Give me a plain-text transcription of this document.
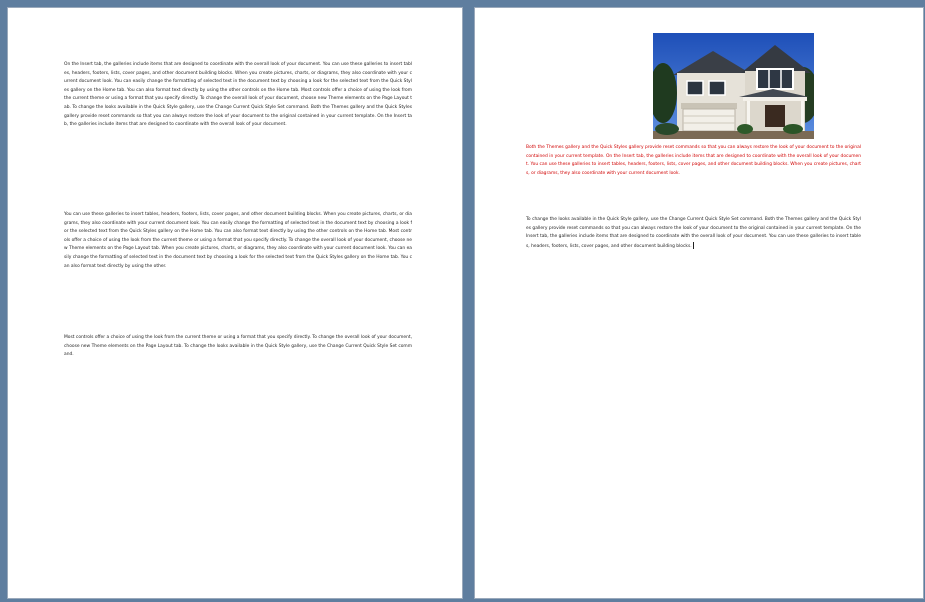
On the Insert tab, the galleries include items that are designed to coordinate with the overall look of your document. You can use these galleries to insert tables, headers, footers, lists, cover pages, and other document building blocks. When you create pictures, charts, or diagrams, they also coordinate with your current document look. You can easily change the formatting of selected text in the document text by choosing a look for the selected text from the Quick Styles gallery on the Home tab. You can also format text directly by using the other controls on the Home tab. Most controls offer a choice of using the look from the current theme or using a format that you specify directly. To change the overall look of your document, choose new Theme elements on the Page Layout tab. To change the looks available in the Quick Style gallery, use the Change Current Quick Style Set command. Both the Themes gallery and the Quick Styles gallery provide reset commands so that you can always restore the look of your document to the original contained in your current template. On the Insert tab, the galleries include items that are designed to coordinate with the overall look of your document.
You can use these galleries to insert tables, headers, footers, lists, cover pages, and other document building blocks. When you create pictures, charts, or diagrams, they also coordinate with your current document look. You can easily change the formatting of selected text in the document text by choosing a look for the selected text from the Quick Styles gallery on the Home tab. You can also format text directly by using the other controls on the Home tab. Most controls offer a choice of using the look from the current theme or using a format that you specify directly. To change the overall look of your document, choose new Theme elements on the Page Layout tab. When you create pictures, charts, or diagrams, they also coordinate with your current document look. You can easily change the formatting of selected text in the document text by choosing a look for the selected text from the Quick Styles gallery on the Home tab. You can also format text directly by using the other.
Most controls offer a choice of using the look from the current theme or using a format that you specify directly. To change the overall look of your document, choose new Theme elements on the Page Layout tab. To change the looks available in the Quick Style gallery, use the Change Current Quick Style Set command.
Both the Themes gallery and the Quick Styles gallery provide reset commands so that you can always restore the look of your document to the original contained in your current template. On the Insert tab, the galleries include items that are designed to coordinate with the overall look of your document. You can use these galleries to insert tables, headers, footers, lists, cover pages, and other document building blocks. When you create pictures, charts, or diagrams, they also coordinate with your current document look.
To change the looks available in the Quick Style gallery, use the Change Current Quick Style Set command. Both the Themes gallery and the Quick Styles gallery provide reset commands so that you can always restore the look of your document to the original contained in your current template. On the Insert tab, the galleries include items that are designed to coordinate with the overall look of your document. You can use these galleries to insert tables, headers, footers, lists, cover pages, and other document building blocks.
